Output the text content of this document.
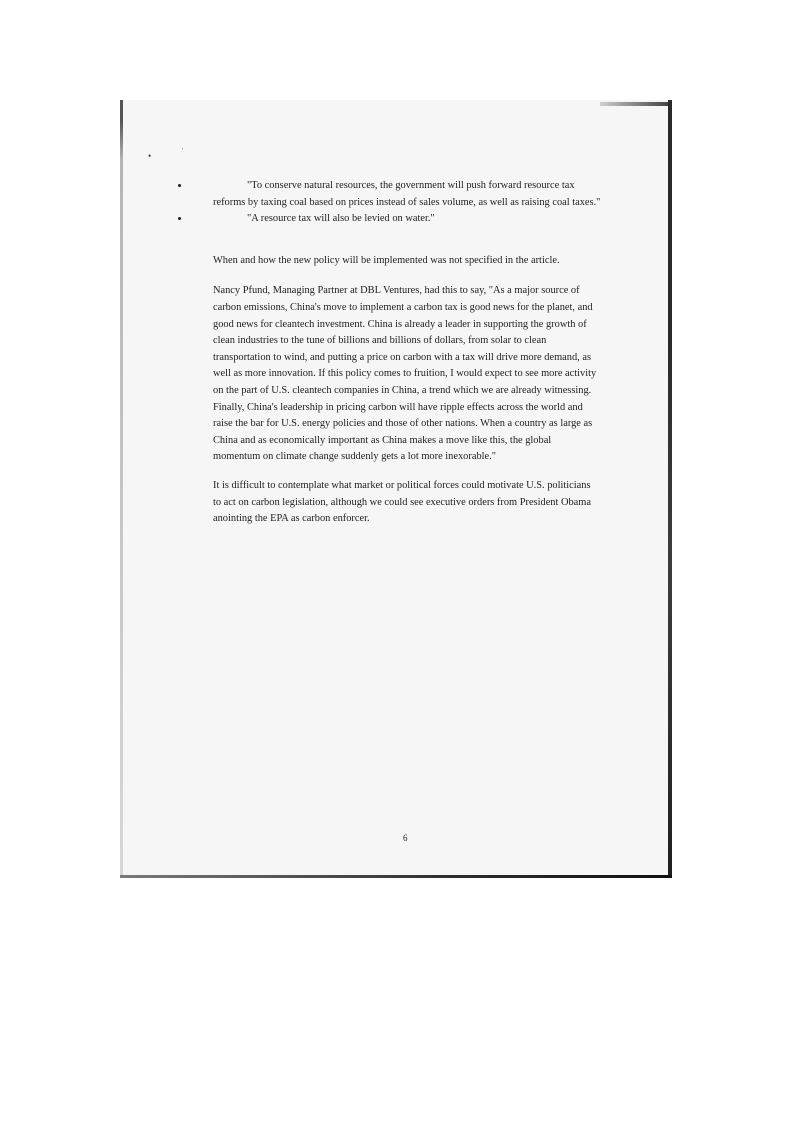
•	'

"To conserve natural resources, the government will push forward resource tax reforms by taxing coal based on prices instead of sales volume, as well as raising coal taxes."

"A resource tax will also be levied on water."

When and how the new policy will be implemented was not specified in the article.

Nancy Pfund, Managing Partner at DBL Ventures, had this to say, "As a major source of carbon emissions, China's move to implement a carbon tax is good news for the planet, and good news for cleantech investment. China is already a leader in supporting the growth of clean industries to the tune of billions and billions of dollars, from solar to clean transportation to wind, and putting a price on carbon with a tax will drive more demand, as well as more innovation. If this policy comes to fruition, I would expect to see more activity on the part of U.S. cleantech companies in China, a trend which we are already witnessing. Finally, China's leadership in pricing carbon will have ripple effects across the world and raise the bar for U.S. energy policies and those of other nations. When a country as large as China and as economically important as China makes a move like this, the global momentum on climate change suddenly gets a lot more inexorable."

It is difficult to contemplate what market or political forces could motivate U.S. politicians to act on carbon legislation, although we could see executive orders from President Obama anointing the EPA as carbon enforcer.

6
